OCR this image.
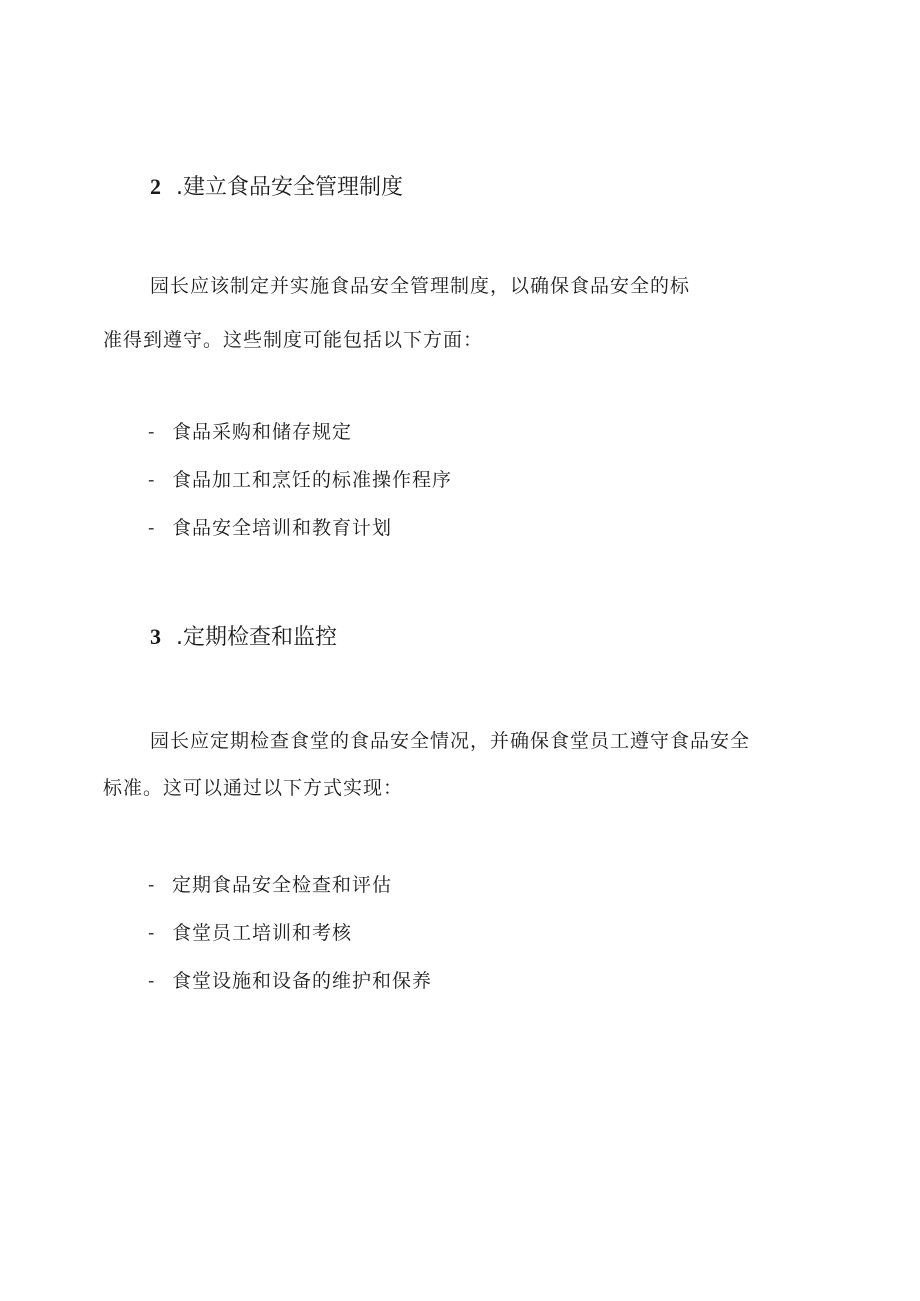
2 .建立食品安全管理制度
园长应该制定并实施食品安全管理制度，以确保食品安全的标
准得到遵守。这些制度可能包括以下方面：
- 食品采购和储存规定
- 食品加工和烹饪的标准操作程序
- 食品安全培训和教育计划
3 .定期检查和监控
园长应定期检查食堂的食品安全情况，并确保食堂员工遵守食品安全
标准。这可以通过以下方式实现：
- 定期食品安全检查和评估
- 食堂员工培训和考核
- 食堂设施和设备的维护和保养
